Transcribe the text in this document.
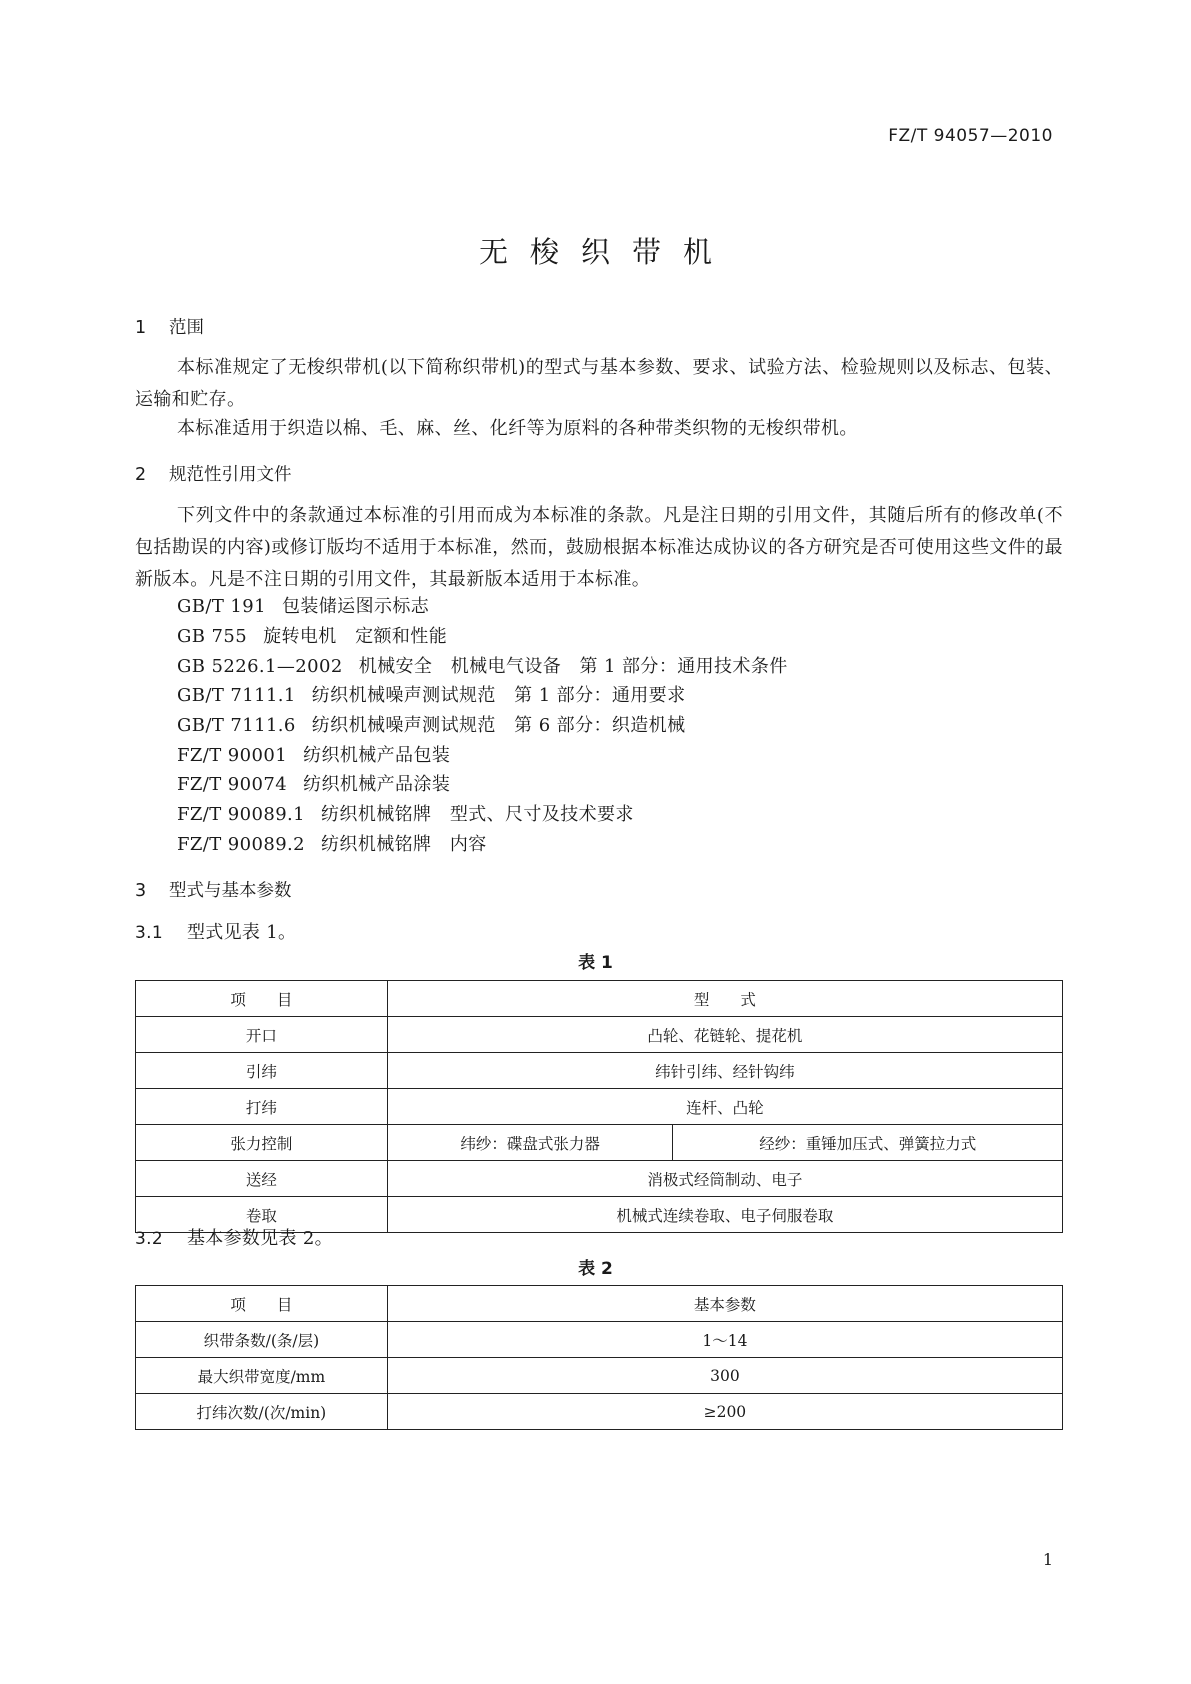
FZ/T 94057—2010
无梭织带机
1 范围
本标准规定了无梭织带机(以下简称织带机)的型式与基本参数、要求、试验方法、检验规则以及标志、包装、运输和贮存。
本标准适用于织造以棉、毛、麻、丝、化纤等为原料的各种带类织物的无梭织带机。
2 规范性引用文件
下列文件中的条款通过本标准的引用而成为本标准的条款。凡是注日期的引用文件，其随后所有的修改单(不包括勘误的内容)或修订版均不适用于本标准，然而，鼓励根据本标准达成协议的各方研究是否可使用这些文件的最新版本。凡是不注日期的引用文件，其最新版本适用于本标准。
GB/T 191 包装储运图示标志
GB 755 旋转电机　定额和性能
GB 5226.1—2002 机械安全　机械电气设备　第 1 部分：通用技术条件
GB/T 7111.1 纺织机械噪声测试规范　第 1 部分：通用要求
GB/T 7111.6 纺织机械噪声测试规范　第 6 部分：织造机械
FZ/T 90001 纺织机械产品包装
FZ/T 90074 纺织机械产品涂装
FZ/T 90089.1 纺织机械铭牌　型式、尺寸及技术要求
FZ/T 90089.2 纺织机械铭牌　内容
3 型式与基本参数
3.1 型式见表 1。
表 1
项　　目	型　　式	
开口	凸轮、花链轮、提花机	
引纬	纬针引纬、经针钩纬	
打纬	连杆、凸轮	
张力控制	纬纱：碟盘式张力器	经纱：重锤加压式、弹簧拉力式
送经	消极式经筒制动、电子	
卷取	机械式连续卷取、电子伺服卷取	
3.2 基本参数见表 2。
表 2
项　　目	基本参数
织带条数/(条/层)	1～14
最大织带宽度/mm	300
打纬次数/(次/min)	≥200
1
